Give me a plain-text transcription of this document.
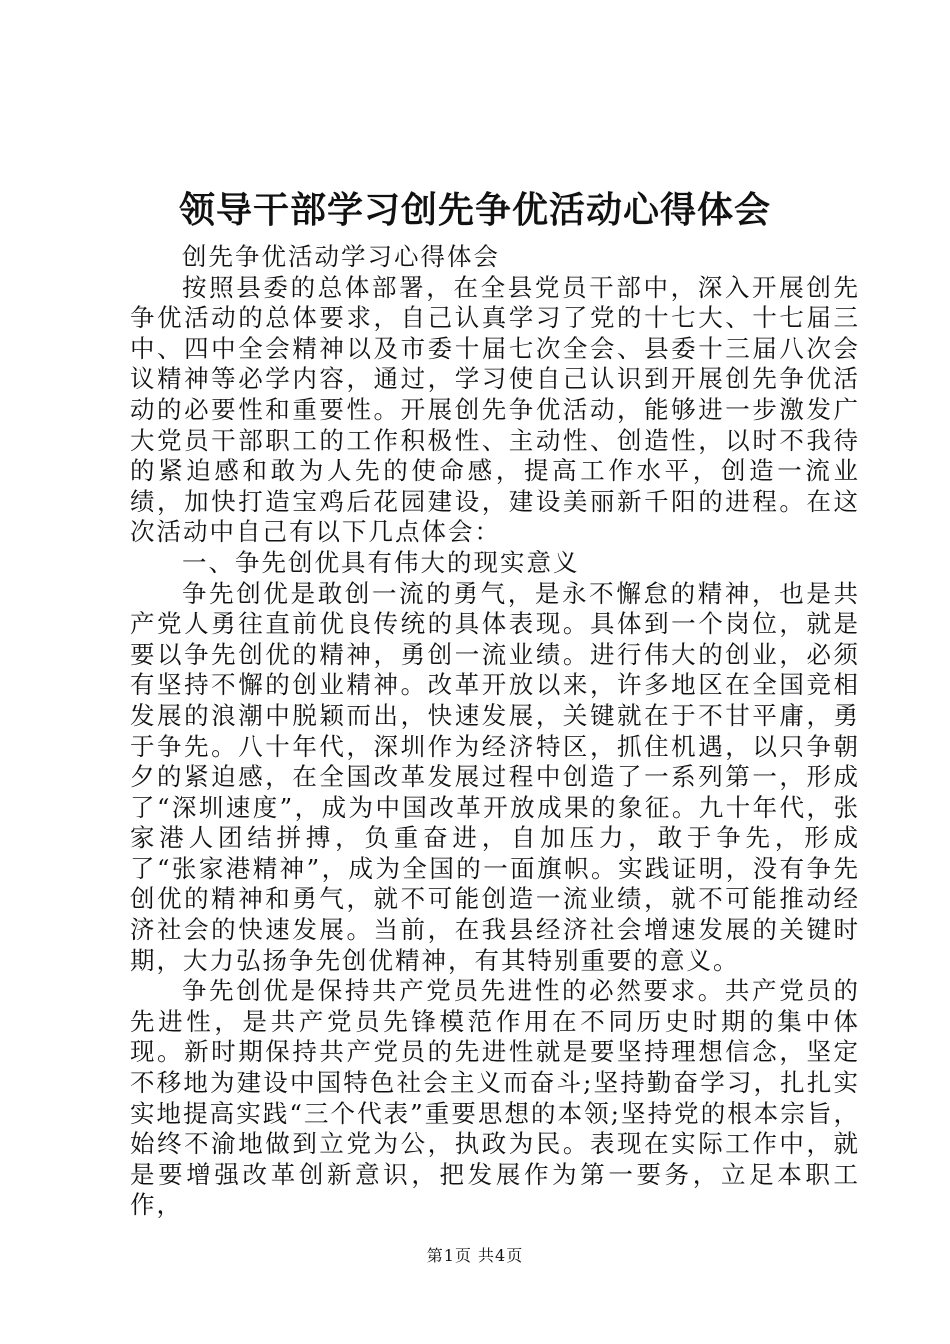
领导干部学习创先争优活动心得体会

创先争优活动学习心得体会

按照县委的总体部署，在全县党员干部中，深入开展创先争优活动的总体要求，自己认真学习了党的十七大、十七届三中、四中全会精神以及市委十届七次全会、县委十三届八次会议精神等必学内容，通过，学习使自己认识到开展创先争优活动的必要性和重要性。开展创先争优活动，能够进一步激发广大党员干部职工的工作积极性、主动性、创造性，以时不我待的紧迫感和敢为人先的使命感，提高工作水平，创造一流业绩，加快打造宝鸡后花园建设，建设美丽新千阳的进程。在这次活动中自己有以下几点体会：

一、争先创优具有伟大的现实意义

争先创优是敢创一流的勇气，是永不懈怠的精神，也是共产党人勇往直前优良传统的具体表现。具体到一个岗位，就是要以争先创优的精神，勇创一流业绩。进行伟大的创业，必须有坚持不懈的创业精神。改革开放以来，许多地区在全国竞相发展的浪潮中脱颖而出，快速发展，关键就在于不甘平庸，勇于争先。八十年代，深圳作为经济特区，抓住机遇，以只争朝夕的紧迫感，在全国改革发展过程中创造了一系列第一，形成了“深圳速度”，成为中国改革开放成果的象征。九十年代，张家港人团结拼搏，负重奋进，自加压力，敢于争先，形成了“张家港精神”，成为全国的一面旗帜。实践证明，没有争先创优的精神和勇气，就不可能创造一流业绩，就不可能推动经济社会的快速发展。当前，在我县经济社会增速发展的关键时期，大力弘扬争先创优精神，有其特别重要的意义。

争先创优是保持共产党员先进性的必然要求。共产党员的先进性，是共产党员先锋模范作用在不同历史时期的集中体现。新时期保持共产党员的先进性就是要坚持理想信念，坚定不移地为建设中国特色社会主义而奋斗;坚持勤奋学习，扎扎实实地提高实践“三个代表”重要思想的本领;坚持党的根本宗旨，始终不渝地做到立党为公，执政为民。表现在实际工作中，就是要增强改革创新意识，把发展作为第一要务，立足本职工作，

第1页 共4页
